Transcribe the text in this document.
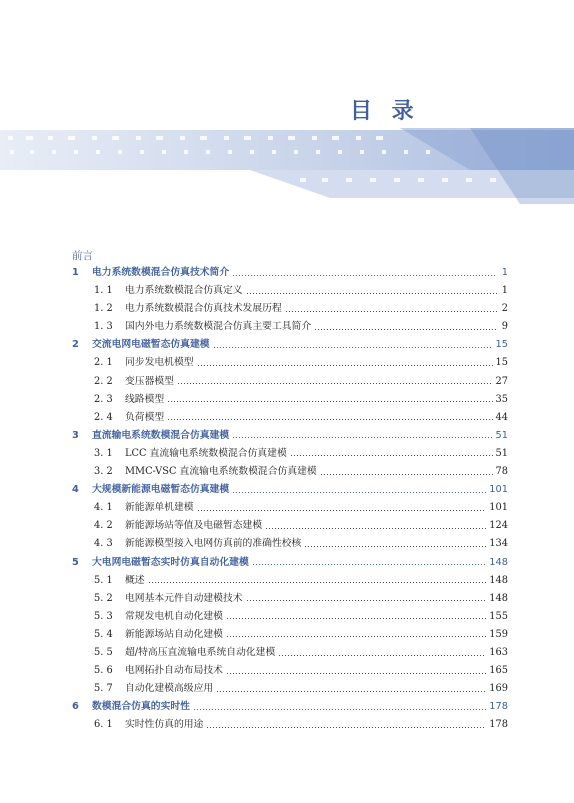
目 录
前言
1	电力系统数模混合仿真技术简介	1
1. 1	电力系统数模混合仿真定义	1
1. 2	电力系统数模混合仿真技术发展历程	2
1. 3	国内外电力系统数模混合仿真主要工具简介	9
2	交流电网电磁暂态仿真建模	15
2. 1	同步发电机模型	15
2. 2	变压器模型	27
2. 3	线路模型	35
2. 4	负荷模型	44
3	直流输电系统数模混合仿真建模	51
3. 1	LCC 直流输电系统数模混合仿真建模	51
3. 2	MMC-VSC 直流输电系统数模混合仿真建模	78
4	大规模新能源电磁暂态仿真建模	101
4. 1	新能源单机建模	101
4. 2	新能源场站等值及电磁暂态建模	124
4. 3	新能源模型接入电网仿真前的准确性校核	134
5	大电网电磁暂态实时仿真自动化建模	148
5. 1	概述	148
5. 2	电网基本元件自动建模技术	148
5. 3	常规发电机自动化建模	155
5. 4	新能源场站自动化建模	159
5. 5	超/特高压直流输电系统自动化建模	163
5. 6	电网拓扑自动布局技术	165
5. 7	自动化建模高级应用	169
6	数模混合仿真的实时性	178
6. 1	实时性仿真的用途	178
